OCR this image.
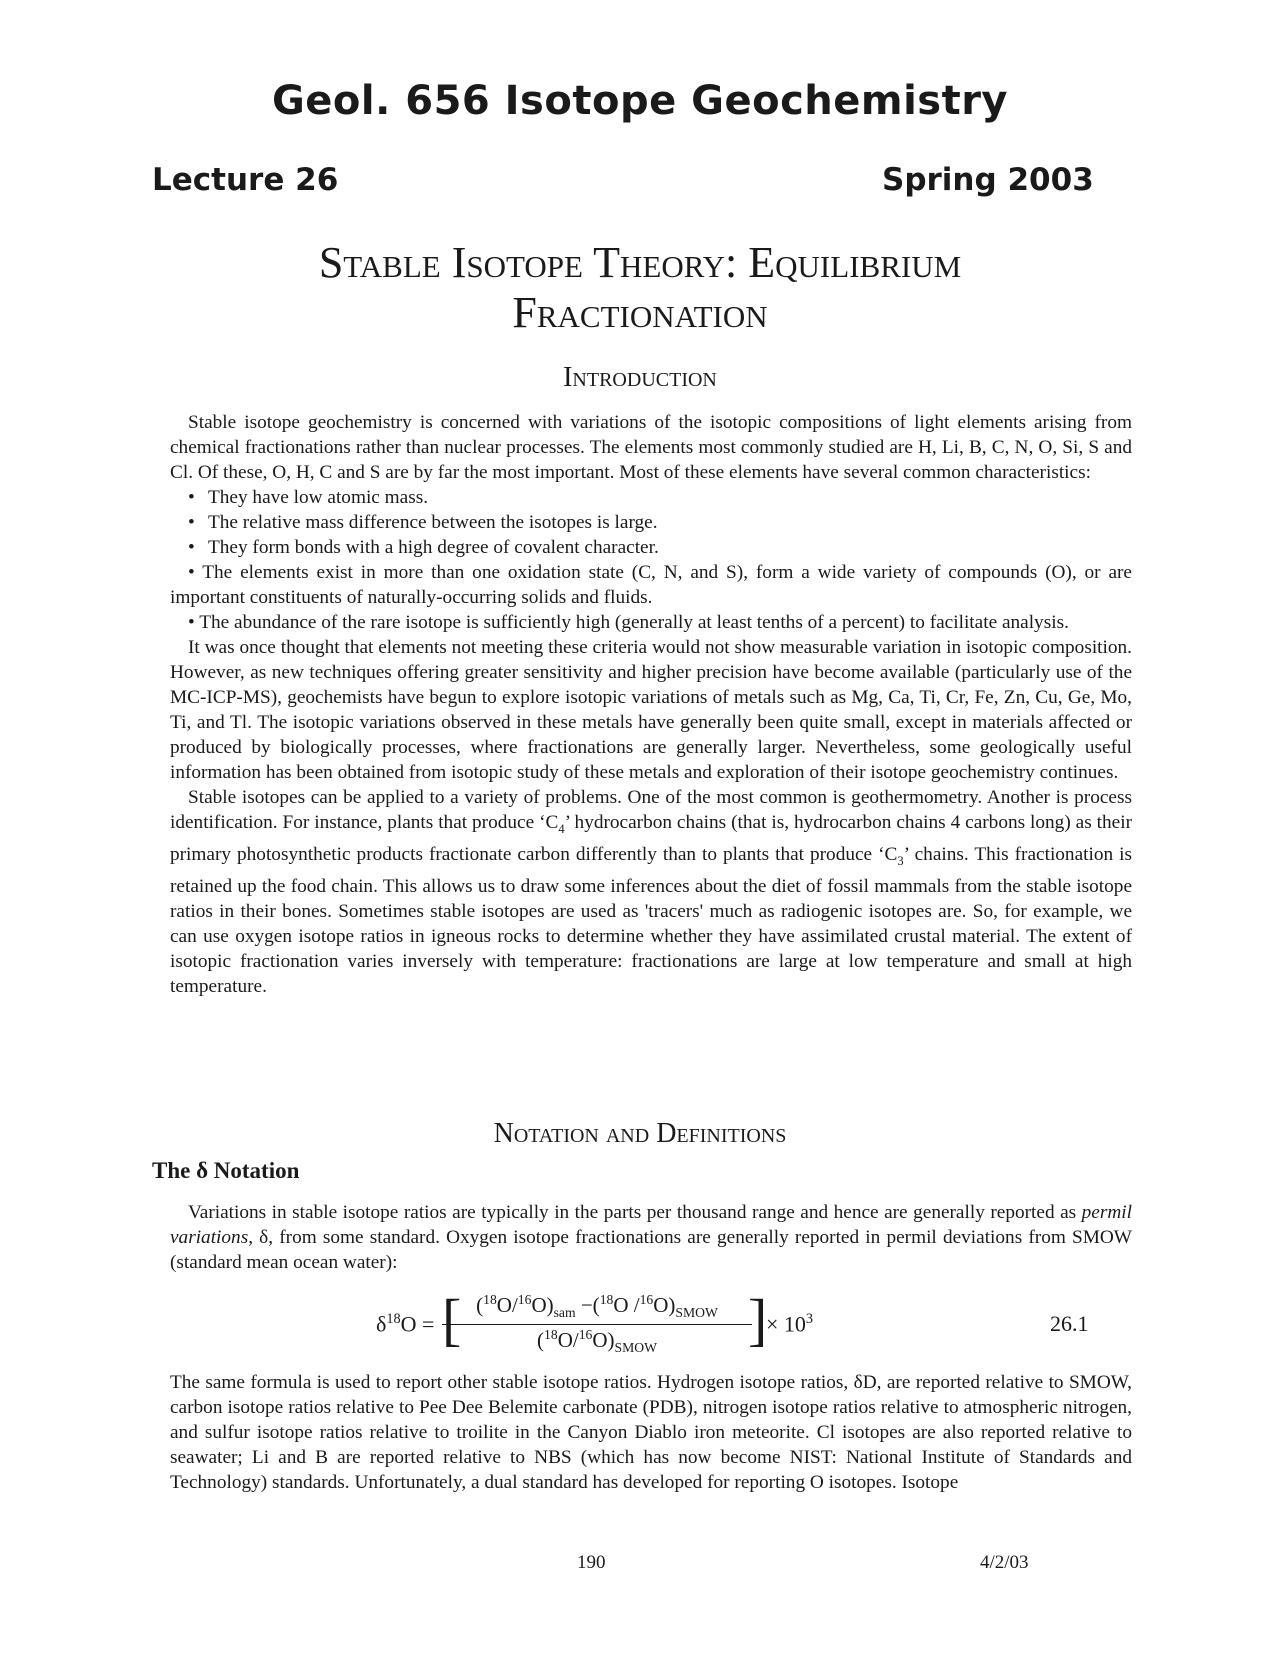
Geol. 656 Isotope Geochemistry
Lecture 26	Spring 2003
Stable Isotope Theory: Equilibrium
Fractionation
Introduction

Stable isotope geochemistry is concerned with variations of the isotopic compositions of light elements arising from chemical fractionations rather than nuclear processes. The elements most commonly studied are H, Li, B, C, N, O, Si, S and Cl. Of these, O, H, C and S are by far the most important. Most of these elements have several common characteristics:

• They have low atomic mass.
• The relative mass difference between the isotopes is large.
• They form bonds with a high degree of covalent character.

• The elements exist in more than one oxidation state (C, N, and S), form a wide variety of compounds (O), or are important constituents of naturally-occurring solids and fluids.

• The abundance of the rare isotope is sufficiently high (generally at least tenths of a percent) to facilitate analysis.

It was once thought that elements not meeting these criteria would not show measurable variation in isotopic composition. However, as new techniques offering greater sensitivity and higher precision have become available (particularly use of the MC-ICP-MS), geochemists have begun to explore isotopic variations of metals such as Mg, Ca, Ti, Cr, Fe, Zn, Cu, Ge, Mo, Ti, and Tl. The isotopic variations observed in these metals have generally been quite small, except in materials affected or produced by biologically processes, where fractionations are generally larger. Nevertheless, some geologically useful information has been obtained from isotopic study of these metals and exploration of their isotope geochemistry continues.

Stable isotopes can be applied to a variety of problems. One of the most common is geothermometry. Another is process identification. For instance, plants that produce ‘$C_4$’ hydrocarbon chains (that is, hydrocarbon chains 4 carbons long) as their primary photosynthetic products fractionate carbon differently than to plants that produce ‘$C_3$’ chains. This fractionation is retained up the food chain. This allows us to draw some inferences about the diet of fossil mammals from the stable isotope ratios in their bones. Sometimes stable isotopes are used as 'tracers' much as radiogenic isotopes are. So, for example, we can use oxygen isotope ratios in igneous rocks to determine whether they have assimilated crustal material. The extent of isotopic fractionation varies inversely with temperature: fractionations are large at low temperature and small at high temperature.

Notation and Definitions
The δ Notation

Variations in stable isotope ratios are typically in the parts per thousand range and hence are generally reported as permil variations, δ, from some standard. Oxygen isotope fractionations are generally reported in permil deviations from SMOW (standard mean ocean water):

$\delta^{18}O$ = [ $(^{18}O/^{16}O)_{sam} -(^{18}O$ $/^{16}O)_{SMOW}$
$(^{18}O/^{16}O)_{SMOW}$	]
× $10^3$	26.1

The same formula is used to report other stable isotope ratios. Hydrogen isotope ratios, δD, are reported relative to SMOW, carbon isotope ratios relative to Pee Dee Belemite carbonate (PDB), nitrogen isotope ratios relative to atmospheric nitrogen, and sulfur isotope ratios relative to troilite in the Canyon Diablo iron meteorite. Cl isotopes are also reported relative to seawater; Li and B are reported relative to NBS (which has now become NIST: National Institute of Standards and Technology) standards. Unfortunately, a dual standard has developed for reporting O isotopes. Isotope

190	4/2/03
